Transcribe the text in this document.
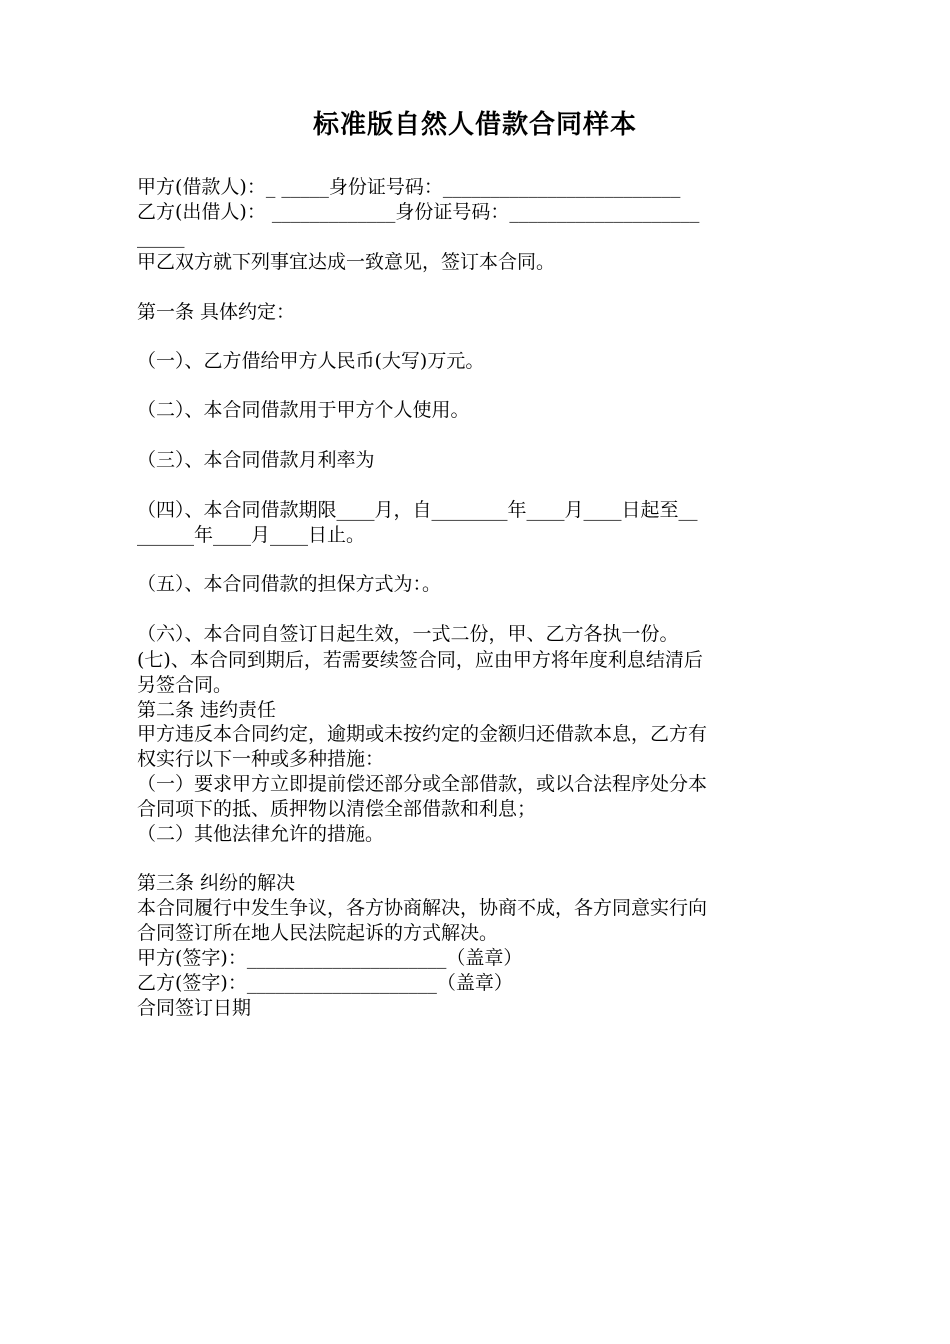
标准版自然人借款合同样本
甲方(借款人)：_ _____身份证号码：_________________________
乙方(出借人)： _____________身份证号码：____________________
_____
甲乙双方就下列事宜达成一致意见，签订本合同。
第一条 具体约定：
（一）、乙方借给甲方人民币(大写)万元。
（二）、本合同借款用于甲方个人使用。
（三）、本合同借款月利率为
（四）、本合同借款期限____月，自________年____月____日起至__
______年____月____日止。
（五）、本合同借款的担保方式为：。
（六）、本合同自签订日起生效，一式二份，甲、乙方各执一份。
(七)、本合同到期后，若需要续签合同，应由甲方将年度利息结清后
另签合同。
第二条 违约责任
甲方违反本合同约定，逾期或未按约定的金额归还借款本息，乙方有
权实行以下一种或多种措施：
（一）要求甲方立即提前偿还部分或全部借款，或以合法程序处分本
合同项下的抵、质押物以清偿全部借款和利息；
（二）其他法律允许的措施。
第三条 纠纷的解决
本合同履行中发生争议，各方协商解决，协商不成，各方同意实行向
合同签订所在地人民法院起诉的方式解决。
甲方(签字)：_____________________（盖章）
乙方(签字)：____________________（盖章）
合同签订日期
